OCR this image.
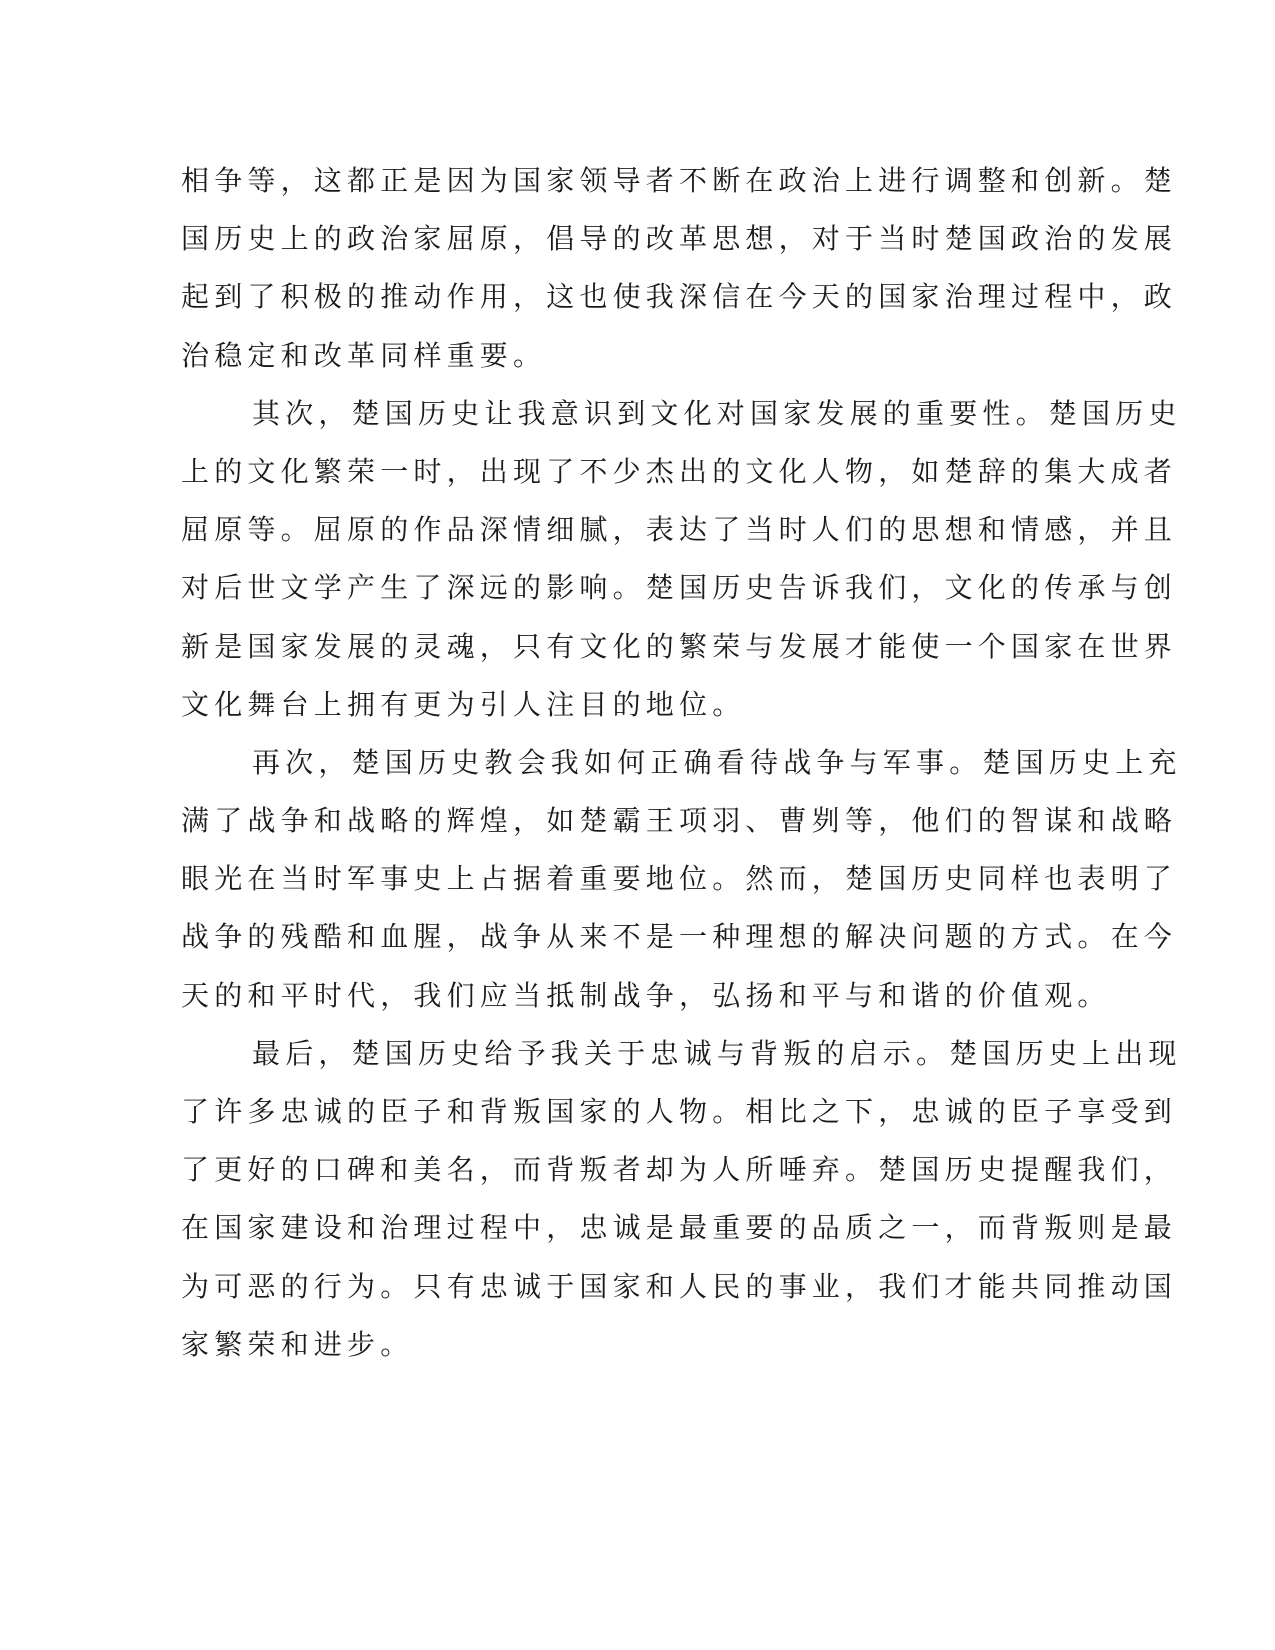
相争等，这都正是因为国家领导者不断在政治上进行调整和创新。楚
国历史上的政治家屈原，倡导的改革思想，对于当时楚国政治的发展
起到了积极的推动作用，这也使我深信在今天的国家治理过程中，政
治稳定和改革同样重要。
其次，楚国历史让我意识到文化对国家发展的重要性。楚国历史
上的文化繁荣一时，出现了不少杰出的文化人物，如楚辞的集大成者
屈原等。屈原的作品深情细腻，表达了当时人们的思想和情感，并且
对后世文学产生了深远的影响。楚国历史告诉我们，文化的传承与创
新是国家发展的灵魂，只有文化的繁荣与发展才能使一个国家在世界
文化舞台上拥有更为引人注目的地位。
再次，楚国历史教会我如何正确看待战争与军事。楚国历史上充
满了战争和战略的辉煌，如楚霸王项羽、曹刿等，他们的智谋和战略
眼光在当时军事史上占据着重要地位。然而，楚国历史同样也表明了
战争的残酷和血腥，战争从来不是一种理想的解决问题的方式。在今
天的和平时代，我们应当抵制战争，弘扬和平与和谐的价值观。
最后，楚国历史给予我关于忠诚与背叛的启示。楚国历史上出现
了许多忠诚的臣子和背叛国家的人物。相比之下，忠诚的臣子享受到
了更好的口碑和美名，而背叛者却为人所唾弃。楚国历史提醒我们，
在国家建设和治理过程中，忠诚是最重要的品质之一，而背叛则是最
为可恶的行为。只有忠诚于国家和人民的事业，我们才能共同推动国
家繁荣和进步。
